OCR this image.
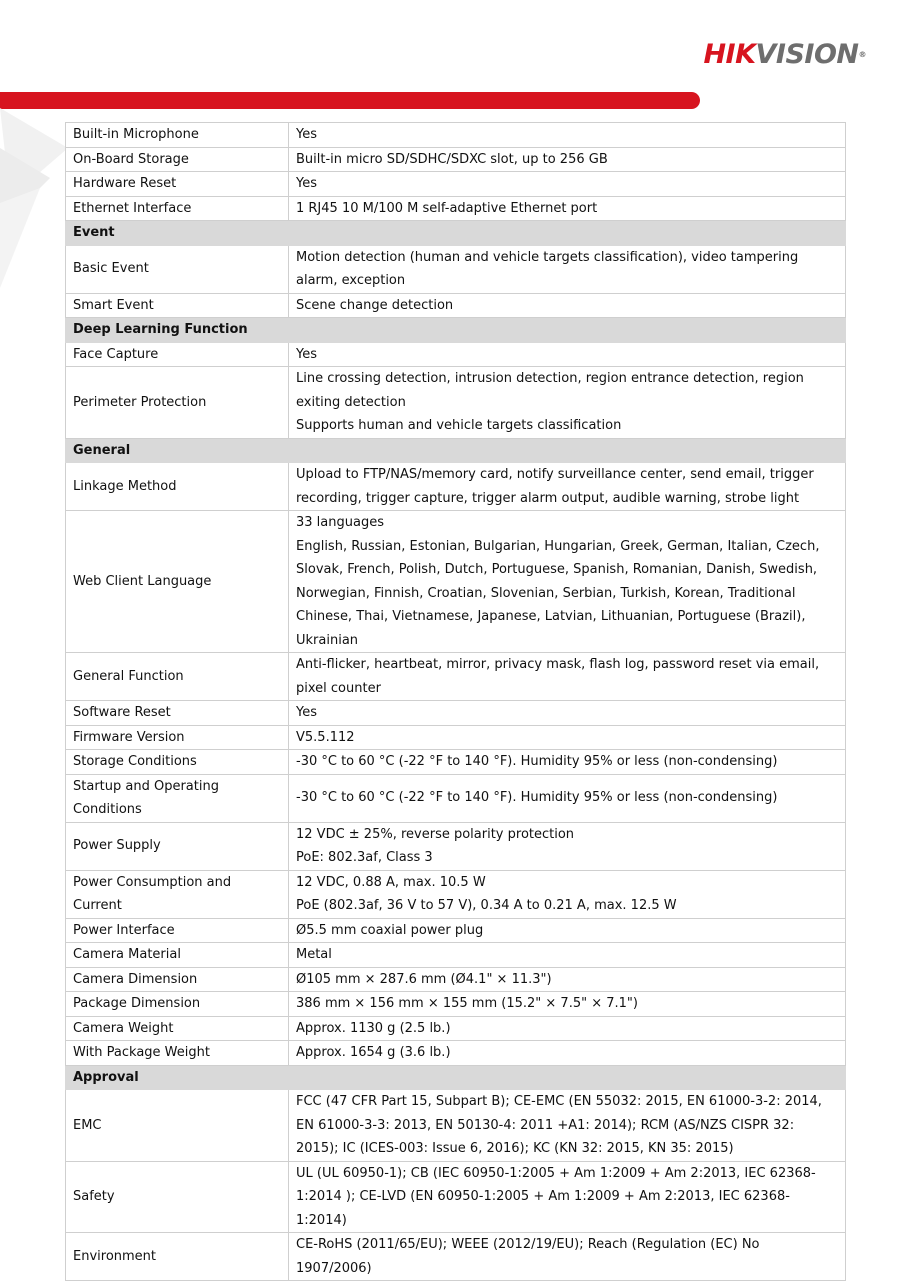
HIKVISION®
Built-in Microphone	Yes

On-Board Storage	Built-in micro SD/SDHC/SDXC slot, up to 256 GB

Hardware Reset	Yes

Ethernet Interface	1 RJ45 10 M/100 M self-adaptive Ethernet port

Event	
Basic Event	Motion detection (human and vehicle targets classification), video tampering alarm, exception

Smart Event	Scene change detection

Deep Learning Function	
Face Capture	Yes

Perimeter Protection	Line crossing detection, intrusion detection, region entrance detection, region exiting detection
Supports human and vehicle targets classification

General	
Linkage Method	Upload to FTP/NAS/memory card, notify surveillance center, send email, trigger recording, trigger capture, trigger alarm output, audible warning, strobe light

Web Client Language	33 languages
English, Russian, Estonian, Bulgarian, Hungarian, Greek, German, Italian, Czech, Slovak, French, Polish, Dutch, Portuguese, Spanish, Romanian, Danish, Swedish, Norwegian, Finnish, Croatian, Slovenian, Serbian, Turkish, Korean, Traditional Chinese, Thai, Vietnamese, Japanese, Latvian, Lithuanian, Portuguese (Brazil), Ukrainian

General Function	Anti-flicker, heartbeat, mirror, privacy mask, flash log, password reset via email, pixel counter

Software Reset	Yes

Firmware Version	V5.5.112

Storage Conditions	-30 °C to 60 °C (-22 °F to 140 °F). Humidity 95% or less (non-condensing)

Startup and Operating Conditions	-30 °C to 60 °C (-22 °F to 140 °F). Humidity 95% or less (non-condensing)

Power Supply	12 VDC ± 25%, reverse polarity protection
PoE: 802.3af, Class 3

Power Consumption and Current	12 VDC, 0.88 A, max. 10.5 W
PoE (802.3af, 36 V to 57 V), 0.34 A to 0.21 A, max. 12.5 W

Power Interface	Ø5.5 mm coaxial power plug

Camera Material	Metal

Camera Dimension	Ø105 mm × 287.6 mm (Ø4.1" × 11.3")

Package Dimension	386 mm × 156 mm × 155 mm (15.2" × 7.5" × 7.1")

Camera Weight	Approx. 1130 g (2.5 lb.)

With Package Weight	Approx. 1654 g (3.6 lb.)

Approval	
EMC	FCC (47 CFR Part 15, Subpart B); CE-EMC (EN 55032: 2015, EN 61000-3-2: 2014, EN 61000-3-3: 2013, EN 50130-4: 2011 +A1: 2014); RCM (AS/NZS CISPR 32: 2015); IC (ICES-003: Issue 6, 2016); KC (KN 32: 2015, KN 35: 2015)

Safety	UL (UL 60950-1); CB (IEC 60950-1:2005 + Am 1:2009 + Am 2:2013, IEC 62368-1:2014 ); CE-LVD (EN 60950-1:2005 + Am 1:2009 + Am 2:2013, IEC 62368-1:2014)

Environment	CE-RoHS (2011/65/EU); WEEE (2012/19/EU); Reach (Regulation (EC) No 1907/2006)
